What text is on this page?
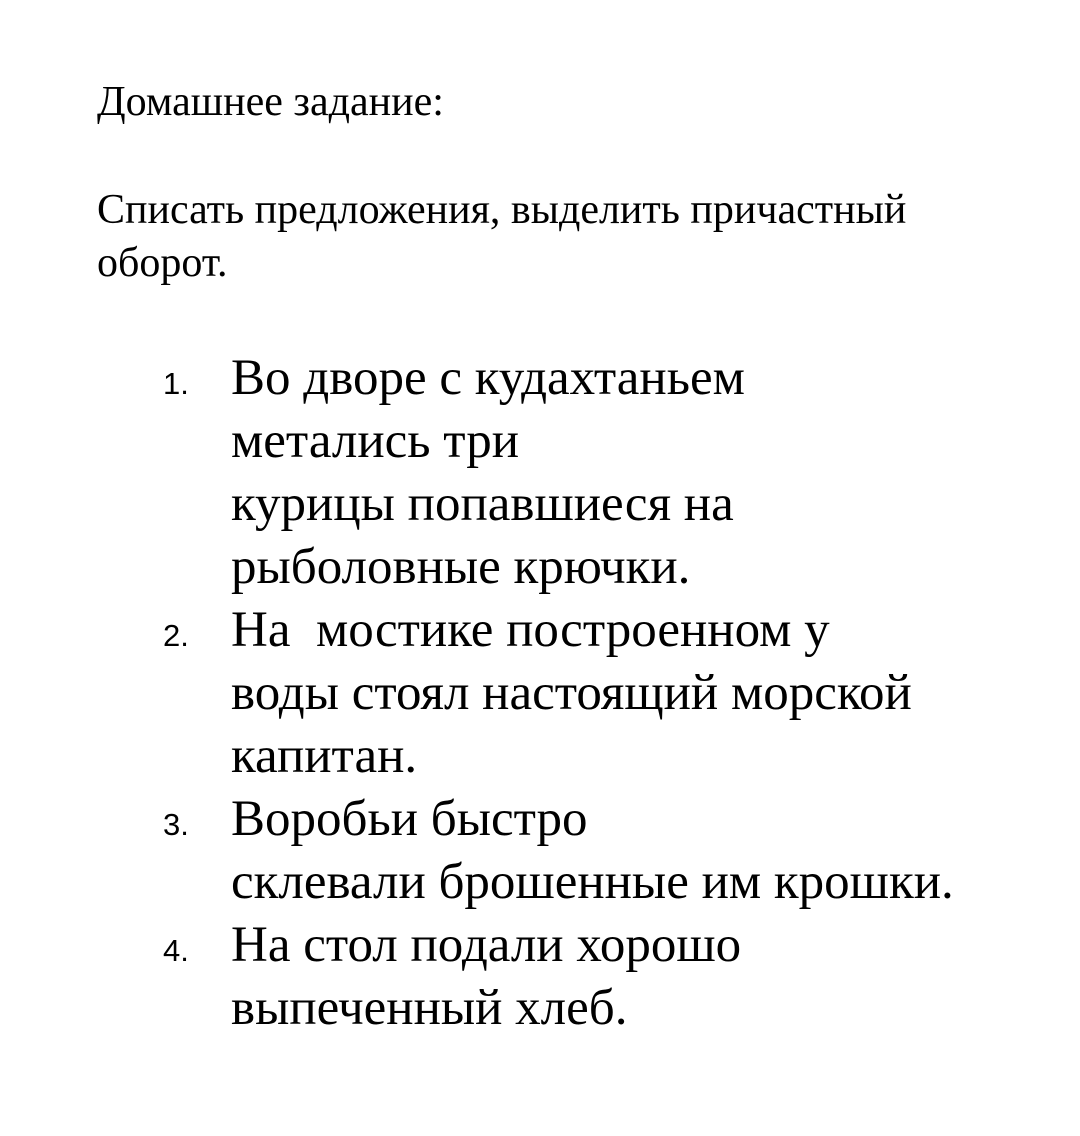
Домашнее задание:

Списать предложения, выделить причастный
оборот.

1. Во дворе с кудахтаньем
метались три
курицы попавшиеся на
рыболовные крючки.
2. На  мостике построенном у
воды стоял настоящий морской
капитан.
3. Воробьи быстро
склевали брошенные им крошки.
4. На стол подали хорошо
выпеченный хлеб.
